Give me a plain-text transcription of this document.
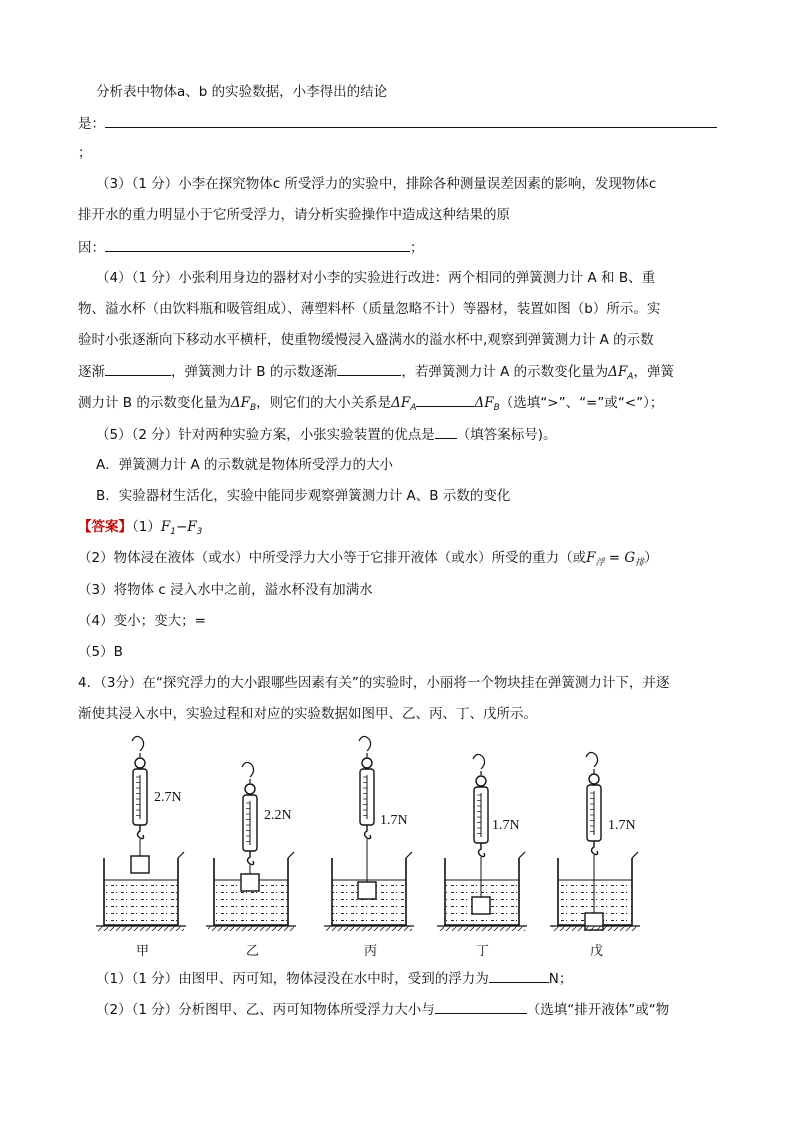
分析表中物体a、b 的实验数据，小李得出的结论
是：
；
（3）（1 分）小李在探究物体c 所受浮力的实验中，排除各种测量误差因素的影响，发现物体c
排开水的重力明显小于它所受浮力，请分析实验操作中造成这种结果的原
因：	；
（4）（1 分）小张利用身边的器材对小李的实验进行改进：两个相同的弹簧测力计 A 和 B、重
物、溢水杯（由饮料瓶和吸管组成）、薄塑料杯（质量忽略不计）等器材，装置如图（b）所示。实
验时小张逐渐向下移动水平横杆，使重物缓慢浸入盛满水的溢水杯中,观察到弹簧测力计 A 的示数
逐渐	，弹簧测力计 B 的示数逐渐	，若弹簧测力计 A 的示数变化量为$\Delta F_A$，弹簧
测力计 B 的示数变化量为$\Delta F_B$，则它们的大小关系是$\Delta F_A$	$\Delta F_B$（选填“>”、“=”或“<”）；
（5）（2 分）针对两种实验方案，小张实验装置的优点是 （填答案标号)。
A．弹簧测力计 A 的示数就是物体所受浮力的大小
B．实验器材生活化，实验中能同步观察弹簧测力计 A、B 示数的变化
【答案】$(1)F_1-F_3$
（2）物体浸在液体（或水）中所受浮力大小等于它排开液体（或水）所受的重力（或$F_浮 = G_排$）
（3）将物体 c 浸入水中之前，溢水杯没有加满水
（4）变小；变大；=
（5）B
4．（3分）在“探究浮力的大小跟哪些因素有关”的实验时，小丽将一个物块挂在弹簧测力计下，并逐
渐使其浸入水中，实验过程和对应的实验数据如图甲、乙、丙、丁、戊所示。
2.7N
2.2N	1.7N	1.7N	1.7N
甲	乙	丙	丁	戊
（1）（1 分）由图甲、丙可知，物体浸没在水中时，受到的浮力为	N；
（2）（1 分）分析图甲、乙、丙可知物体所受浮力大小与	（选填“排开液体”或“物
